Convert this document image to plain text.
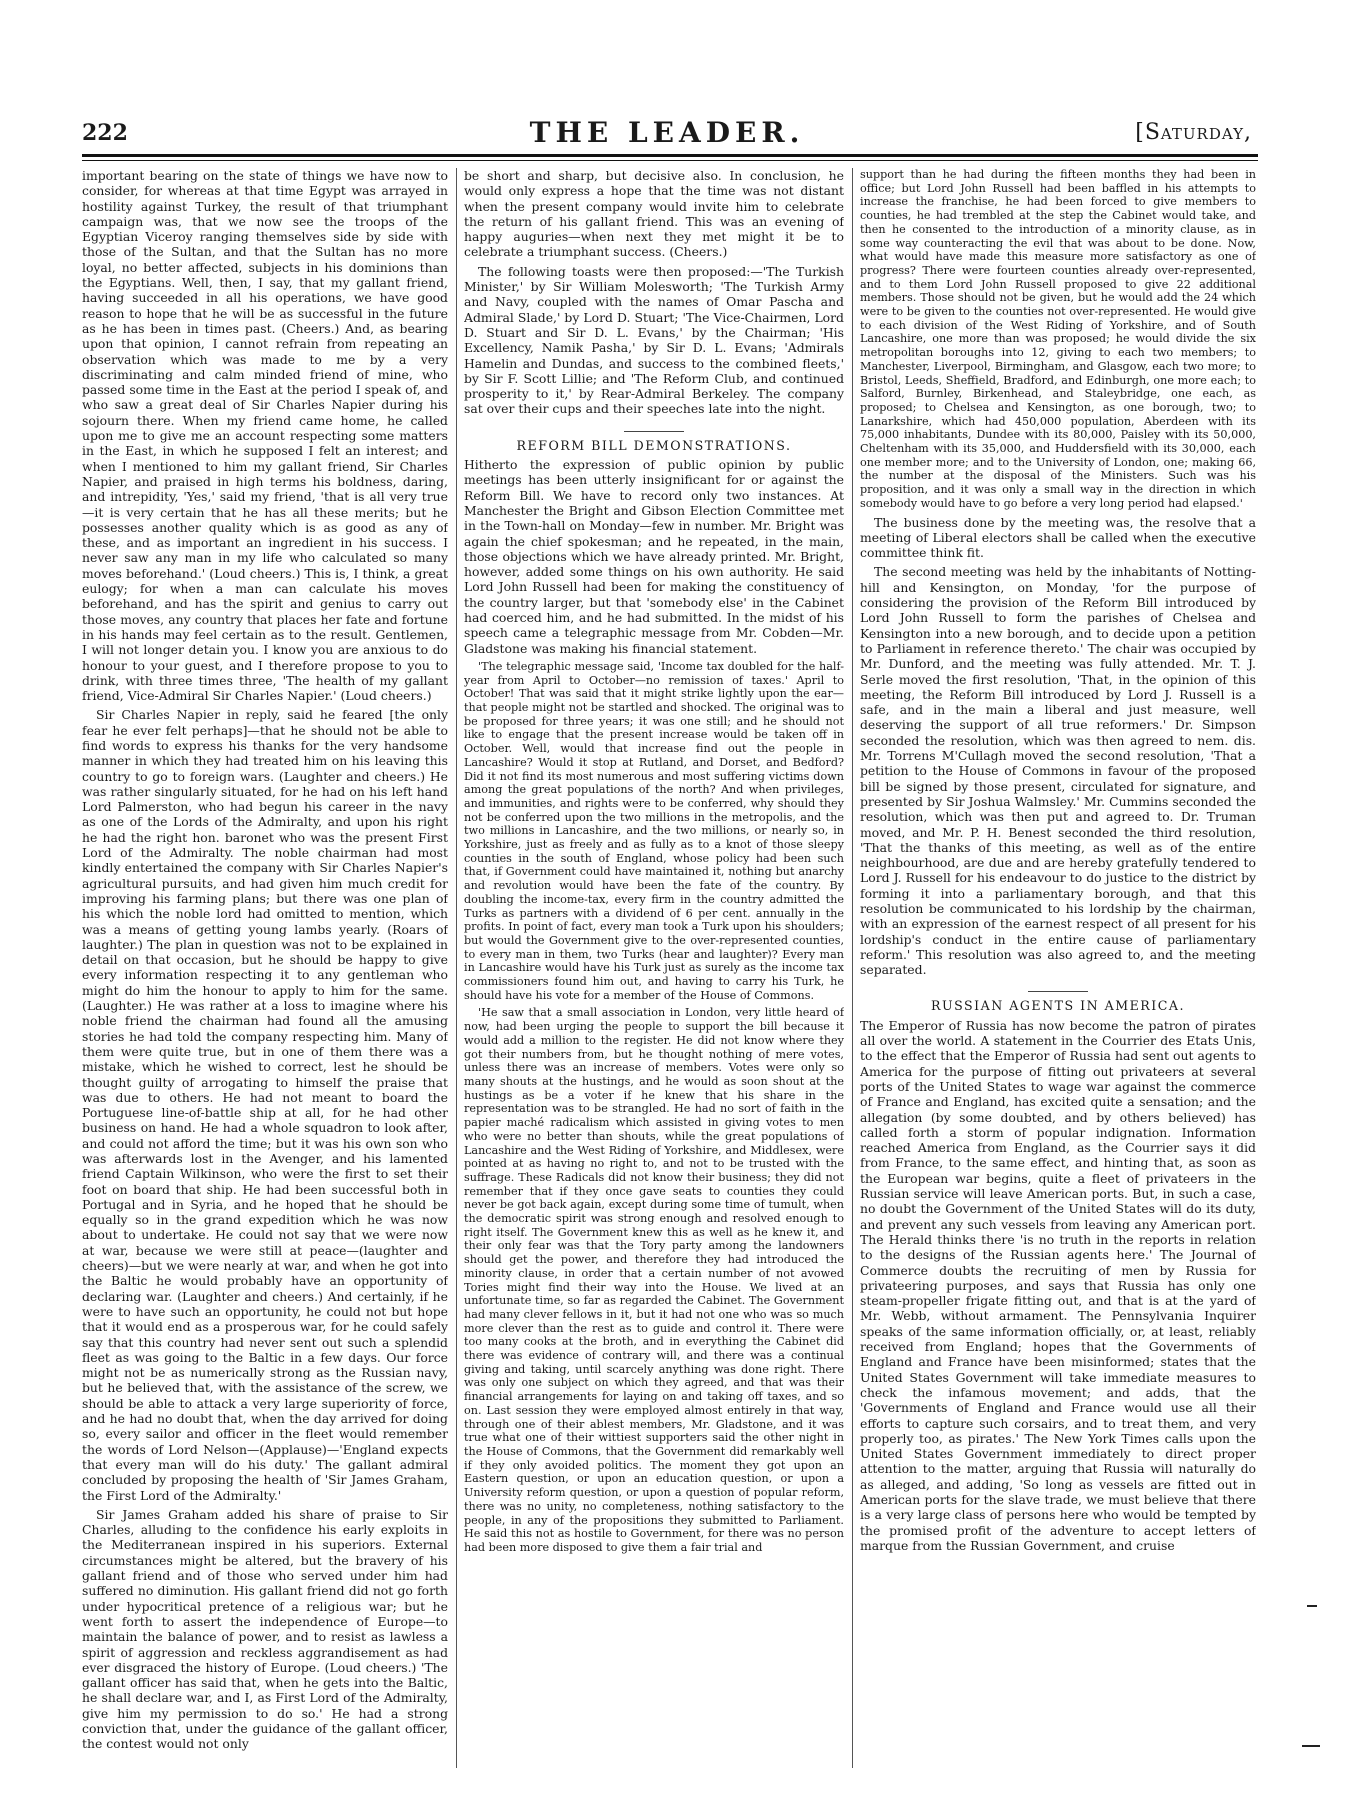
222	THE LEADER.	[Saturday,

important bearing on the state of things we have now to consider, for whereas at that time Egypt was arrayed in hostility against Turkey, the result of that triumphant campaign was, that we now see the troops of the Egyptian Viceroy ranging themselves side by side with those of the Sultan, and that the Sultan has no more loyal, no better affected, subjects in his dominions than the Egyptians. Well, then, I say, that my gallant friend, having succeeded in all his operations, we have good reason to hope that he will be as successful in the future as he has been in times past. (Cheers.) And, as bearing upon that opinion, I cannot refrain from repeating an observation which was made to me by a very discriminating and calm minded friend of mine, who passed some time in the East at the period I speak of, and who saw a great deal of Sir Charles Napier during his sojourn there. When my friend came home, he called upon me to give me an account respecting some matters in the East, in which he supposed I felt an interest; and when I mentioned to him my gallant friend, Sir Charles Napier, and praised in high terms his boldness, daring, and intrepidity, 'Yes,' said my friend, 'that is all very true—it is very certain that he has all these merits; but he possesses another quality which is as good as any of these, and as important an ingredient in his success. I never saw any man in my life who calculated so many moves beforehand.' (Loud cheers.) This is, I think, a great eulogy; for when a man can calculate his moves beforehand, and has the spirit and genius to carry out those moves, any country that places her fate and fortune in his hands may feel certain as to the result. Gentlemen, I will not longer detain you. I know you are anxious to do honour to your guest, and I therefore propose to you to drink, with three times three, 'The health of my gallant friend, Vice-Admiral Sir Charles Napier.' (Loud cheers.)

Sir Charles Napier in reply, said he feared [the only fear he ever felt perhaps]—that he should not be able to find words to express his thanks for the very handsome manner in which they had treated him on his leaving this country to go to foreign wars. (Laughter and cheers.) He was rather singularly situated, for he had on his left hand Lord Palmerston, who had begun his career in the navy as one of the Lords of the Admiralty, and upon his right he had the right hon. baronet who was the present First Lord of the Admiralty. The noble chairman had most kindly entertained the company with Sir Charles Napier's agricultural pursuits, and had given him much credit for improving his farming plans; but there was one plan of his which the noble lord had omitted to mention, which was a means of getting young lambs yearly. (Roars of laughter.) The plan in question was not to be explained in detail on that occasion, but he should be happy to give every information respecting it to any gentleman who might do him the honour to apply to him for the same. (Laughter.) He was rather at a loss to imagine where his noble friend the chairman had found all the amusing stories he had told the company respecting him. Many of them were quite true, but in one of them there was a mistake, which he wished to correct, lest he should be thought guilty of arrogating to himself the praise that was due to others. He had not meant to board the Portuguese line-of-battle ship at all, for he had other business on hand. He had a whole squadron to look after, and could not afford the time; but it was his own son who was afterwards lost in the Avenger, and his lamented friend Captain Wilkinson, who were the first to set their foot on board that ship. He had been successful both in Portugal and in Syria, and he hoped that he should be equally so in the grand expedition which he was now about to undertake. He could not say that we were now at war, because we were still at peace—(laughter and cheers)—but we were nearly at war, and when he got into the Baltic he would probably have an opportunity of declaring war. (Laughter and cheers.) And certainly, if he were to have such an opportunity, he could not but hope that it would end as a prosperous war, for he could safely say that this country had never sent out such a splendid fleet as was going to the Baltic in a few days. Our force might not be as numerically strong as the Russian navy, but he believed that, with the assistance of the screw, we should be able to attack a very large superiority of force, and he had no doubt that, when the day arrived for doing so, every sailor and officer in the fleet would remember the words of Lord Nelson—(Applause)—'England expects that every man will do his duty.' The gallant admiral concluded by proposing the health of 'Sir James Graham, the First Lord of the Admiralty.'

Sir James Graham added his share of praise to Sir Charles, alluding to the confidence his early exploits in the Mediterranean inspired in his superiors. External circumstances might be altered, but the bravery of his gallant friend and of those who served under him had suffered no diminution. His gallant friend did not go forth under hypocritical pretence of a religious war; but he went forth to assert the independence of Europe—to maintain the balance of power, and to resist as lawless a spirit of aggression and reckless aggrandisement as had ever disgraced the history of Europe. (Loud cheers.) 'The gallant officer has said that, when he gets into the Baltic, he shall declare war, and I, as First Lord of the Admiralty, give him my permission to do so.' He had a strong conviction that, under the guidance of the gallant officer, the contest would not only

be short and sharp, but decisive also. In conclusion, he would only express a hope that the time was not distant when the present company would invite him to celebrate the return of his gallant friend. This was an evening of happy auguries—when next they met might it be to celebrate a triumphant success. (Cheers.)

The following toasts were then proposed:—'The Turkish Minister,' by Sir William Molesworth; 'The Turkish Army and Navy, coupled with the names of Omar Pascha and Admiral Slade,' by Lord D. Stuart; 'The Vice-Chairmen, Lord D. Stuart and Sir D. L. Evans,' by the Chairman; 'His Excellency, Namik Pasha,' by Sir D. L. Evans; 'Admirals Hamelin and Dundas, and success to the combined fleets,' by Sir F. Scott Lillie; and 'The Reform Club, and continued prosperity to it,' by Rear-Admiral Berkeley. The company sat over their cups and their speeches late into the night.

REFORM BILL DEMONSTRATIONS.

Hitherto the expression of public opinion by public meetings has been utterly insignificant for or against the Reform Bill. We have to record only two instances. At Manchester the Bright and Gibson Election Committee met in the Town-hall on Monday—few in number. Mr. Bright was again the chief spokesman; and he repeated, in the main, those objections which we have already printed. Mr. Bright, however, added some things on his own authority. He said Lord John Russell had been for making the constituency of the country larger, but that 'somebody else' in the Cabinet had coerced him, and he had submitted. In the midst of his speech came a telegraphic message from Mr. Cobden—Mr. Gladstone was making his financial statement.

'The telegraphic message said, 'Income tax doubled for the half-year from April to October—no remission of taxes.' April to October! That was said that it might strike lightly upon the ear—that people might not be startled and shocked. The original was to be proposed for three years; it was one still; and he should not like to engage that the present increase would be taken off in October. Well, would that increase find out the people in Lancashire? Would it stop at Rutland, and Dorset, and Bedford? Did it not find its most numerous and most suffering victims down among the great populations of the north? And when privileges, and immunities, and rights were to be conferred, why should they not be conferred upon the two millions in the metropolis, and the two millions in Lancashire, and the two millions, or nearly so, in Yorkshire, just as freely and as fully as to a knot of those sleepy counties in the south of England, whose policy had been such that, if Government could have maintained it, nothing but anarchy and revolution would have been the fate of the country. By doubling the income-tax, every firm in the country admitted the Turks as partners with a dividend of 6 per cent. annually in the profits. In point of fact, every man took a Turk upon his shoulders; but would the Government give to the over-represented counties, to every man in them, two Turks (hear and laughter)? Every man in Lancashire would have his Turk just as surely as the income tax commissioners found him out, and having to carry his Turk, he should have his vote for a member of the House of Commons.

'He saw that a small association in London, very little heard of now, had been urging the people to support the bill because it would add a million to the register. He did not know where they got their numbers from, but he thought nothing of mere votes, unless there was an increase of members. Votes were only so many shouts at the hustings, and he would as soon shout at the hustings as be a voter if he knew that his share in the representation was to be strangled. He had no sort of faith in the papier maché radicalism which assisted in giving votes to men who were no better than shouts, while the great populations of Lancashire and the West Riding of Yorkshire, and Middlesex, were pointed at as having no right to, and not to be trusted with the suffrage. These Radicals did not know their business; they did not remember that if they once gave seats to counties they could never be got back again, except during some time of tumult, when the democratic spirit was strong enough and resolved enough to right itself. The Government knew this as well as he knew it, and their only fear was that the Tory party among the landowners should get the power, and therefore they had introduced the minority clause, in order that a certain number of not avowed Tories might find their way into the House. We lived at an unfortunate time, so far as regarded the Cabinet. The Government had many clever fellows in it, but it had not one who was so much more clever than the rest as to guide and control it. There were too many cooks at the broth, and in everything the Cabinet did there was evidence of contrary will, and there was a continual giving and taking, until scarcely anything was done right. There was only one subject on which they agreed, and that was their financial arrangements for laying on and taking off taxes, and so on. Last session they were employed almost entirely in that way, through one of their ablest members, Mr. Gladstone, and it was true what one of their wittiest supporters said the other night in the House of Commons, that the Government did remarkably well if they only avoided politics. The moment they got upon an Eastern question, or upon an education question, or upon a University reform question, or upon a question of popular reform, there was no unity, no completeness, nothing satisfactory to the people, in any of the propositions they submitted to Parliament. He said this not as hostile to Government, for there was no person had been more disposed to give them a fair trial and

support than he had during the fifteen months they had been in office; but Lord John Russell had been baffled in his attempts to increase the franchise, he had been forced to give members to counties, he had trembled at the step the Cabinet would take, and then he consented to the introduction of a minority clause, as in some way counteracting the evil that was about to be done. Now, what would have made this measure more satisfactory as one of progress? There were fourteen counties already over-represented, and to them Lord John Russell proposed to give 22 additional members. Those should not be given, but he would add the 24 which were to be given to the counties not over-represented. He would give to each division of the West Riding of Yorkshire, and of South Lancashire, one more than was proposed; he would divide the six metropolitan boroughs into 12, giving to each two members; to Manchester, Liverpool, Birmingham, and Glasgow, each two more; to Bristol, Leeds, Sheffield, Bradford, and Edinburgh, one more each; to Salford, Burnley, Birkenhead, and Staleybridge, one each, as proposed; to Chelsea and Kensington, as one borough, two; to Lanarkshire, which had 450,000 population, Aberdeen with its 75,000 inhabitants, Dundee with its 80,000, Paisley with its 50,000, Cheltenham with its 35,000, and Huddersfield with its 30,000, each one member more; and to the University of London, one; making 66, the number at the disposal of the Ministers. Such was his proposition, and it was only a small way in the direction in which somebody would have to go before a very long period had elapsed.'

The business done by the meeting was, the resolve that a meeting of Liberal electors shall be called when the executive committee think fit.

The second meeting was held by the inhabitants of Notting-hill and Kensington, on Monday, 'for the purpose of considering the provision of the Reform Bill introduced by Lord John Russell to form the parishes of Chelsea and Kensington into a new borough, and to decide upon a petition to Parliament in reference thereto.' The chair was occupied by Mr. Dunford, and the meeting was fully attended. Mr. T. J. Serle moved the first resolution, 'That, in the opinion of this meeting, the Reform Bill introduced by Lord J. Russell is a safe, and in the main a liberal and just measure, well deserving the support of all true reformers.' Dr. Simpson seconded the resolution, which was then agreed to nem. dis. Mr. Torrens M'Cullagh moved the second resolution, 'That a petition to the House of Commons in favour of the proposed bill be signed by those present, circulated for signature, and presented by Sir Joshua Walmsley.' Mr. Cummins seconded the resolution, which was then put and agreed to. Dr. Truman moved, and Mr. P. H. Benest seconded the third resolution, 'That the thanks of this meeting, as well as of the entire neighbourhood, are due and are hereby gratefully tendered to Lord J. Russell for his endeavour to do justice to the district by forming it into a parliamentary borough, and that this resolution be communicated to his lordship by the chairman, with an expression of the earnest respect of all present for his lordship's conduct in the entire cause of parliamentary reform.' This resolution was also agreed to, and the meeting separated.

RUSSIAN AGENTS IN AMERICA.

The Emperor of Russia has now become the patron of pirates all over the world. A statement in the Courrier des Etats Unis, to the effect that the Emperor of Russia had sent out agents to America for the purpose of fitting out privateers at several ports of the United States to wage war against the commerce of France and England, has excited quite a sensation; and the allegation (by some doubted, and by others believed) has called forth a storm of popular indignation. Information reached America from England, as the Courrier says it did from France, to the same effect, and hinting that, as soon as the European war begins, quite a fleet of privateers in the Russian service will leave American ports. But, in such a case, no doubt the Government of the United States will do its duty, and prevent any such vessels from leaving any American port. The Herald thinks there 'is no truth in the reports in relation to the designs of the Russian agents here.' The Journal of Commerce doubts the recruiting of men by Russia for privateering purposes, and says that Russia has only one steam-propeller frigate fitting out, and that is at the yard of Mr. Webb, without armament. The Pennsylvania Inquirer speaks of the same information officially, or, at least, reliably received from England; hopes that the Governments of England and France have been misinformed; states that the United States Government will take immediate measures to check the infamous movement; and adds, that the 'Governments of England and France would use all their efforts to capture such corsairs, and to treat them, and very properly too, as pirates.' The New York Times calls upon the United States Government immediately to direct proper attention to the matter, arguing that Russia will naturally do as alleged, and adding, 'So long as vessels are fitted out in American ports for the slave trade, we must believe that there is a very large class of persons here who would be tempted by the promised profit of the adventure to accept letters of marque from the Russian Government, and cruise
